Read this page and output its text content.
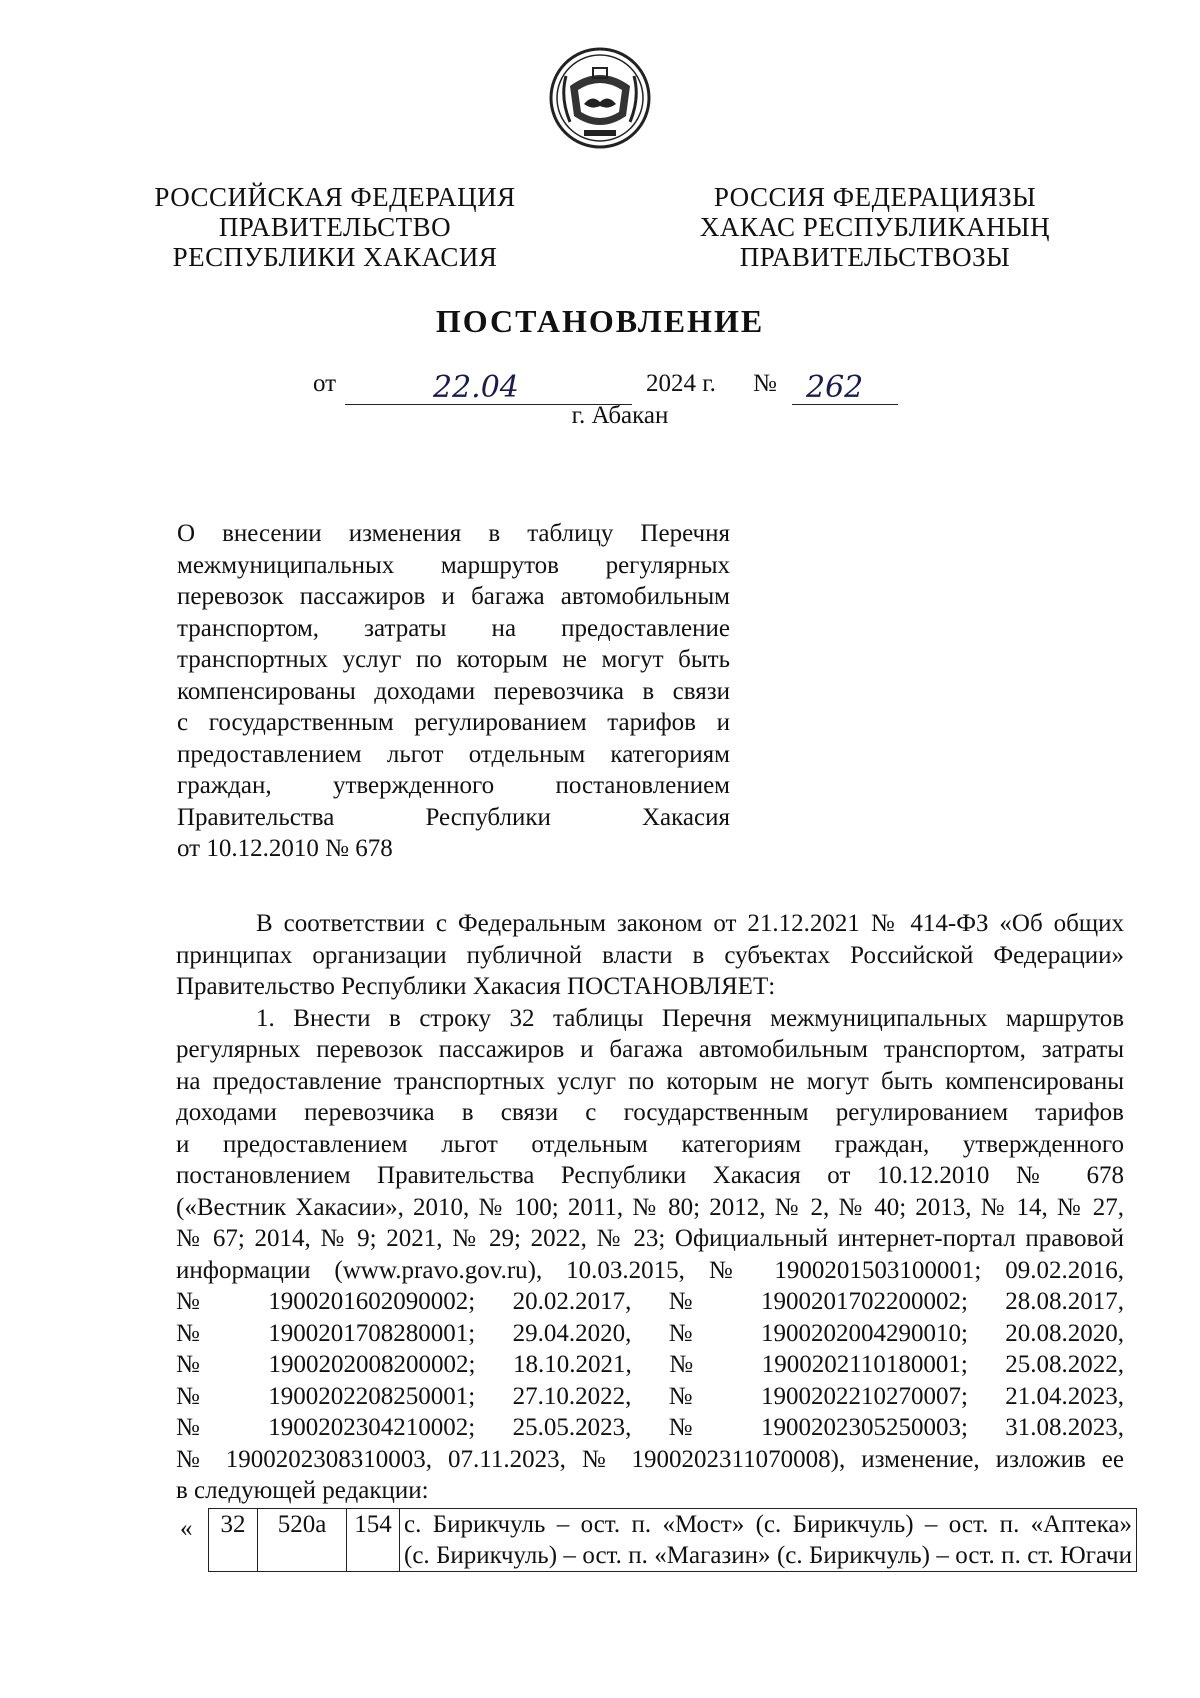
РОССИЙСКАЯ ФЕДЕРАЦИЯ
ПРАВИТЕЛЬСТВО
РЕСПУБЛИКИ ХАКАСИЯ
РОССИЯ ФЕДЕРАЦИЯЗЫ
ХАКАС РЕСПУБЛИКАНЫҢ
ПРАВИТЕЛЬСТВОЗЫ
ПОСТАНОВЛЕНИЕ
от	22.04	2024 г. № 262
г. Абакан
О внесении изменения в таблицу Перечня
межмуниципальных маршрутов регулярных
перевозок пассажиров и багажа автомобильным
транспортом, затраты на предоставление
транспортных услуг по которым не могут быть
компенсированы доходами перевозчика в связи
с государственным регулированием тарифов и
предоставлением льгот отдельным категориям
граждан, утвержденного постановлением
Правительства Республики Хакасия
от 10.12.2010 № 678
В соответствии с Федеральным законом от 21.12.2021 № 414-ФЗ «Об общих
принципах организации публичной власти в субъектах Российской Федерации»
Правительство Республики Хакасия ПОСТАНОВЛЯЕТ:
1. Внести в строку 32 таблицы Перечня межмуниципальных маршрутов
регулярных перевозок пассажиров и багажа автомобильным транспортом, затраты
на предоставление транспортных услуг по которым не могут быть компенсированы
доходами перевозчика в связи с государственным регулированием тарифов
и предоставлением льгот отдельным категориям граждан, утвержденного
постановлением Правительства Республики Хакасия от 10.12.2010 № 678
(«Вестник Хакасии», 2010, № 100; 2011, № 80; 2012, № 2, № 40; 2013, № 14, № 27,
№ 67; 2014, № 9; 2021, № 29; 2022, № 23; Официальный интернет-портал правовой
информации (www.pravo.gov.ru), 10.03.2015, № 1900201503100001; 09.02.2016,
№ 1900201602090002; 20.02.2017, № 1900201702200002; 28.08.2017,
№ 1900201708280001; 29.04.2020, № 1900202004290010; 20.08.2020,
№ 1900202008200002; 18.10.2021, № 1900202110180001; 25.08.2022,
№ 1900202208250001; 27.10.2022, № 1900202210270007; 21.04.2023,
№ 1900202304210002; 25.05.2023, № 1900202305250003; 31.08.2023,
№ 1900202308310003, 07.11.2023, № 1900202311070008), изменение, изложив ее
в следующей редакции:
« 32	520а	154	с. Бирикчуль – ост. п. «Мост» (с. Бирикчуль) – ост. п. «Аптека»
(с. Бирикчуль) – ост. п. «Магазин» (с. Бирикчуль) – ост. п. ст. Югачи
